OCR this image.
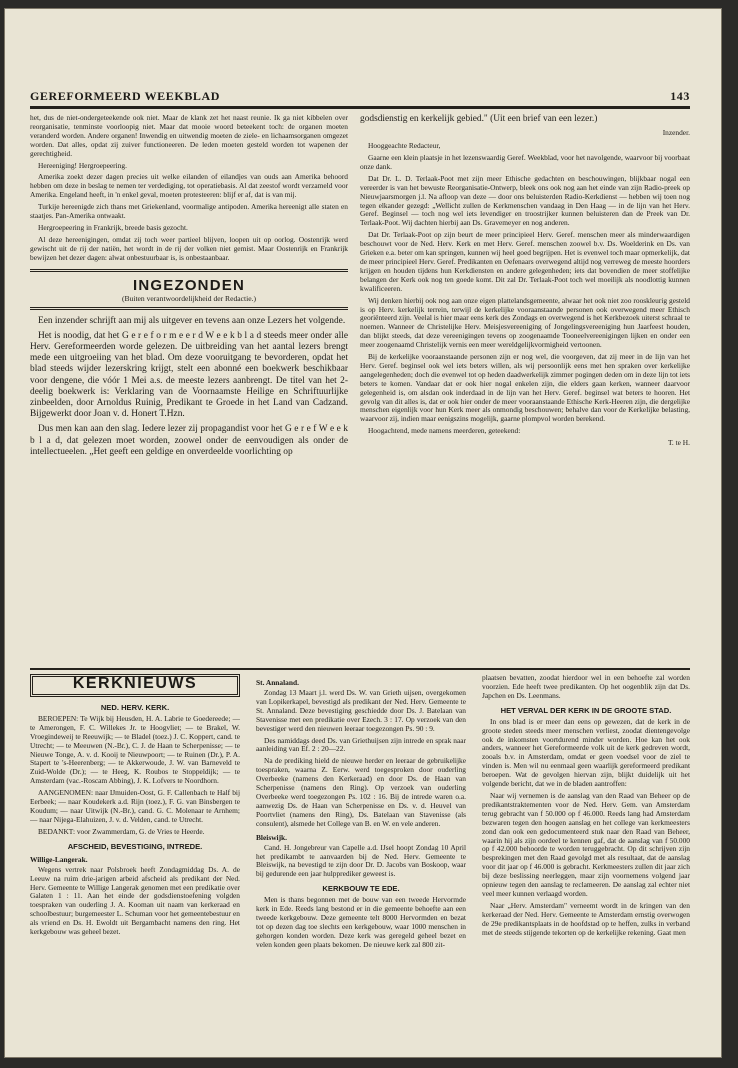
GEREFORMEERD WEEKBLAD	143

het, dus de niet-ondergeteekende ook niet. Maar de klank zet het naast reunie. Ik ga niet kibbelen over reorganisatie, tenminste voorloopig niet. Maar dat mooie woord beteekent toch: de organen moeten veranderd worden. Andere organen! Inwendig en uitwendig moeten de ziele- en lichaamsorganen omgezet worden. Dat alles, opdat zij zuiver functioneeren. De leden moeten gesteld worden tot wapenen der gerechtigheid.

Hereeniging! Hergroepeering.

Amerika zoekt dezer dagen precies uit welke eilanden of eilandjes van ouds aan Amerika behoord hebben om deze in beslag te nemen ter verdediging, tot operatiebasis. Al dat zeestof wordt verzameld voor Amerika. Engeland heeft, in 'n enkel geval, moeten protesteeren: blijf er af, dat is van mij.

Turkije hereenigde zich thans met Griekenland, voormalige antipoden. Amerika hereenigt alle staten en staatjes. Pan-Amerika ontwaakt.

Hergroepeering in Frankrijk, breede basis gezocht.

Al deze hereenigingen, omdat zij toch weer partieel blijven, loopen uit op oorlog. Oostenrijk werd gewischt uit de rij der natiën, het wordt in de rij der volken niet gemist. Maar Oostenrijk en Frankrijk bewijzen het dezer dagen: alwat onbestuurbaar is, is onbestaanbaar.

INGEZONDEN
(Buiten verantwoordelijkheid der Redactie.)

Een inzender schrijft aan mij als uitgever en tevens aan onze Lezers het volgende.

Het is noodig, dat het G e r e f o r m e e r d W e e k b l a d steeds meer onder alle Herv. Gereformeerden worde gelezen. De uitbreiding van het aantal lezers brengt mede een uitgroeiing van het blad. Om deze vooruitgang te bevorderen, opdat het blad steeds wijder lezerskring krijgt, stelt een abonné een boekwerk beschikbaar voor dengene, die vóór 1 Mei a.s. de meeste lezers aanbrengt. De titel van het 2-deelig boekwerk is: Verklaring van de Voornaamste Heilige en Schriftuurlijke zinbeelden, door Arnoldus Ruinig, Predikant te Groede in het Land van Cadzand. Bijgewerkt door Joan v. d. Honert T.Hzn.

Dus men kan aan den slag. Iedere lezer zij propagandist voor het G e r e f W e e k b l a d, dat gelezen moet worden, zoowel onder de eenvoudigen als onder de intellectueelen. „Het geeft een geldige en onverdeelde voorlichting op

godsdienstig en kerkelijk gebied." (Uit een brief van een lezer.)

Inzender.

Hooggeachte Redacteur,

Gaarne een klein plaatsje in het lezenswaardig Geref. Weekblad, voor het navolgende, waarvoor bij voorbaat onze dank.

Dat Dr. L. D. Terlaak-Poot met zijn meer Ethische gedachten en beschouwingen, blijkbaar nogal een vereerder is van het bewuste Reorganisatie-Ontwerp, bleek ons ook nog aan het einde van zijn Radio-preek op Nieuwjaarsmorgen j.l. Na afloop van deze — door ons beluisterden Radio-Kerkdienst — hebben wij toen nog tegen elkander gezegd: „Wellicht zullen de Kerkmenschen vandaag in Den Haag — in de lijn van het Herv. Geref. Beginsel — toch nog wel iets levendiger en troostrijker kunnen beluisteren dan de Preek van Dr. Terlaak-Poot. Wij dachten hierbij aan Ds. Gravemeyer en nog anderen.

Dat Dr. Terlaak-Poot op zijn beurt de meer principieel Herv. Geref. menschen meer als minderwaardigen beschouwt voor de Ned. Herv. Kerk en met Herv. Geref. menschen zoowel b.v. Ds. Woelderink en Ds. van Grieken e.a. beter om kan springen, kunnen wij heel goed begrijpen. Het is evenwel toch maar opmerkelijk, dat de meer principieel Herv. Geref. Predikanten en Oefenaars overwegend altijd nog verreweg de meeste hoorders krijgen en houden tijdens hun Kerkdiensten en andere gelegenheden; iets dat bovendien de meer stoffelijke belangen der Kerk ook nog ten goede komt. Dit zal Dr. Terlaak-Poot toch wel moeilijk als noodlottig kunnen kwalificeeren.

Wij denken hierbij ook nog aan onze eigen plattelandsgemeente, alwaar het ook niet zoo rooskleurig gesteld is op Herv. kerkelijk terrein, terwijl de kerkelijke vooraanstaande personen ook overwegend meer Ethisch georiënteerd zijn. Veelal is hier maar eens kerk des Zondags en overwegend is het Kerkbezoek uiterst schraal te noemen. Wanneer de Christelijke Herv. Meisjesvereeniging of Jongelingsvereeniging hun Jaarfeest houden, dan blijkt steeds, dat deze vereenigingen tevens op zoogenaamde Tooneelvereenigingen lijken en onder een meer zoogenaamd Christelijk vernis een meer wereldgelijkvormigheid vertoonen.

Bij de kerkelijke vooraanstaande personen zijn er nog wel, die voorgeven, dat zij meer in de lijn van het Herv. Geref. beginsel ook wel iets beters willen, als wij persoonlijk eens met hen spraken over kerkelijke aangelegenheden; doch die evenwel tot op heden daadwerkelijk zimmer pogingen deden om in deze lijn tot iets beters te komen. Vandaar dat er ook hier nogal enkelen zijn, die elders gaan kerken, wanneer daarvoor gelegenheid is, om alsdan ook inderdaad in de lijn van het Herv. Geref. beginsel wat beters te hooren. Het gevolg van dit alles is, dat er ook hier onder de meer vooraanstaande Ethische Kerk-Heeren zijn, die dergelijke menschen eigenlijk voor hun Kerk meer als onmondig beschouwen; behalve dan voor de Kerkelijke belasting, waarvoor zij, indien maar eenigszins mogelijk, gaarne plompvol worden berekend.

Hoogachtend, mede namens meerderen, geteekend:

T. te H.

KERKNIEUWS
NED. HERV. KERK.

BEROEPEN: Te Wijk bij Heusden, H. A. Labrie te Goedereede; — te Amerongen, F. C. Willekes Jr. te Hoogvliet; — te Brakel, W. Vroegindeweij te Reeuwijk; — te Bladel (toez.) J. C. Koppert, cand. te Utrecht; — te Meeuwen (N.-Br.), C. J. de Haan te Scherpenisse; — te Nieuwe Tonge, A. v. d. Kooij te Nieuwpoort; — te Ruinen (Dr.), P. A. Stapert te 's-Heerenberg; — te Akkerwoude, J. W. van Barneveld te Zuid-Wolde (Dr.); — te Heeg, K. Roubos te Stoppeldijk; — te Amsterdam (vac.-Roscam Abbing), J. K. Lofvers te Noordhorn.

AANGENOMEN: naar IJmuiden-Oost, G. F. Callenbach te Half bij Eerbeek; — naar Koudekerk a.d. Rijn (toez.), F. G. van Binsbergen te Koudum; — naar Uitwijk (N.-Br.), cand. G. C. Molenaar te Arnhem; — naar Nijega-Elahuizen, J. v. d. Velden, cand. te Utrecht.

BEDANKT: voor Zwammerdam, G. de Vries te Heerde.

AFSCHEID, BEVESTIGING, INTREDE.
Willige-Langerak.

Wegens vertrek naar Polsbroek heeft Zondagmiddag Ds. A. de Leeuw na ruim drie-jarigen arbeid afscheid als predikant der Ned. Herv. Gemeente te Willige Langerak genomen met een predikatie over Galaten 1 : 11. Aan het einde der godsdienstoefening volgden toespraken van ouderling J. A. Kooman uit naam van kerkeraad en schoolbestuur; burgemeester L. Schuman voor het gemeentebestuur en als vriend en Ds. H. Ewoldt uit Bergambacht namens den ring. Het kerkgebouw was geheel bezet.

St. Annaland.

Zondag 13 Maart j.l. werd Ds. W. van Grieth uijsen, overgekomen van Lopikerkapel, bevestigd als predikant der Ned. Herv. Gemeente te St. Annaland. Deze bevestiging geschiedde door Ds. J. Batelaan van Stavenisse met een predikatie over Ezech. 3 : 17. Op verzoek van den bevestiger werd den nieuwen leeraar toegezongen Ps. 90 : 9.

Des namiddags deed Ds. van Griethuijsen zijn intrede en sprak naar aanleiding van Ef. 2 : 20—22.

Na de prediking hield de nieuwe herder en leeraar de gebruikelijke toespraken, waarna Z. Eerw. werd toegesproken door ouderling Overbeeke (namens den Kerkeraad) en door Ds. de Haan van Scherpenisse (namens den Ring). Op verzoek van ouderling Overbeeke werd toegezongen Ps. 102 : 16. Bij de intrede waren o.a. aanwezig Ds. de Haan van Scherpenisse en Ds. v. d. Heuvel van Poortvliet (namens den Ring), Ds. Batelaan van Stavenisse (als consulent), alsmede het College van B. en W. en vele anderen.

Bleiswijk.

Cand. H. Jongebreur van Capelle a.d. IJsel hoopt Zondag 10 April het predikambt te aanvaarden bij de Ned. Herv. Gemeente te Bleiswijk, na bevestigd te zijn door Dr. D. Jacobs van Boskoop, waar bij gedurende een jaar hulpprediker geweest is.

KERKBOUW TE EDE.

Men is thans begonnen met de bouw van een tweede Hervormde kerk in Ede. Reeds lang bestond er in die gemeente behoefte aan een tweede kerkgebouw. Deze gemeente telt 8000 Hervormden en bezat tot op dezen dag toe slechts een kerkgebouw, waar 1000 menschen in gehorgen konden worden. Deze kerk was geregeld geheel bezet en velen konden geen plaats bekomen. De nieuwe kerk zal 800 zit-

plaatsen bevatten, zoodat hierdoor wel in een behoefte zal worden voorzien. Ede heeft twee predikanten. Op het oogenblik zijn dat Ds. Japchen en Ds. Leenmans.

HET VERVAL DER KERK IN DE GROOTE STAD.

In ons blad is er meer dan eens op gewezen, dat de kerk in de groote steden steeds meer menschen verliest, zoodat dientengevolge ook de inkomsten voortdurend minder worden. Hoe kan het ook anders, wanneer het Gereformeerde volk uit de kerk gedreven wordt, zooals b.v. in Amsterdam, omdat er geen voedsel voor de ziel te vinden is. Men wil nu eenmaal geen waarlijk gereformeerd predikant beroepen. Wat de gevolgen hiervan zijn, blijkt duidelijk uit het volgende bericht, dat we in de bladen aantroffen:

Naar wij vernemen is de aanslag van den Raad van Beheer op de predikantstraktementen voor de Ned. Herv. Gem. van Amsterdam terug gebracht van f 50.000 op f 46.000. Reeds lang had Amsterdam bezwaren tegen den hoogen aanslag en het college van kerkmeesters zond dan ook een gedocumenteerd stuk naar den Raad van Beheer, waarin hij als zijn oordeel te kennen gaf, dat de aanslag van f 50.000 op f 42.000 behoorde te worden teruggebracht. Op dit schrijven zijn besprekingen met den Raad gevolgd met als resultaat, dat de aanslag voor dit jaar op f 46.000 is gebracht. Kerkmeesters zullen dit jaar zich bij deze beslissing neerleggen, maar zijn voornemens volgend jaar opnieuw tegen den aanslag te reclameeren. De aanslag zal echter niet veel meer kunnen verlaagd worden.

Naar „Herv. Amsterdam" verneemt wordt in de kringen van den kerkeraad der Ned. Herv. Gemeente te Amsterdam ernstig overwogen de 29e predikantsplaats in de hoofdstad op te heffen, zulks in verband met de steeds stijgende tekorten op de kerkelijke rekening. Gaat men
